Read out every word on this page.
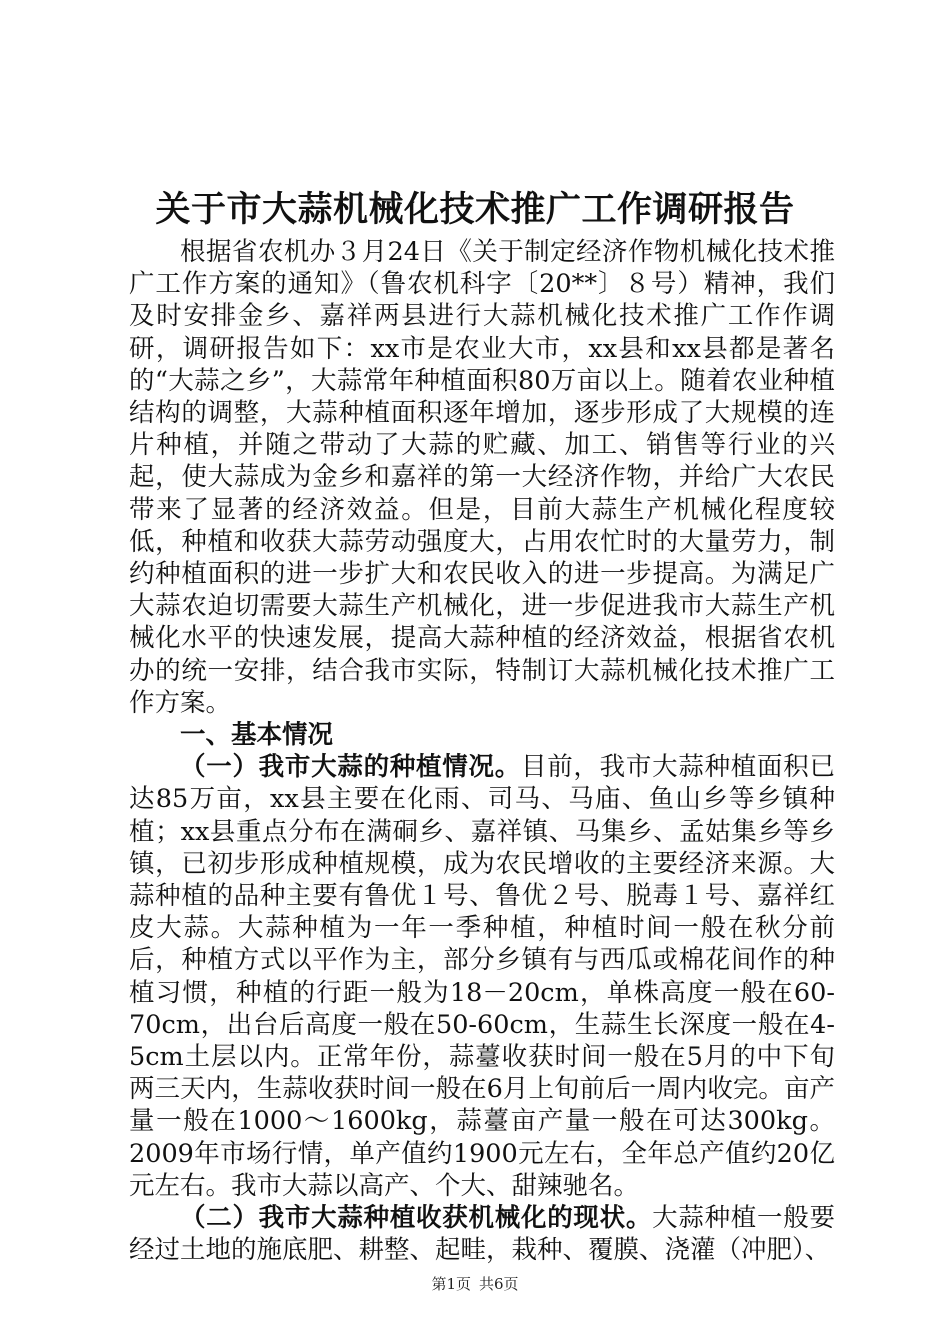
关于市大蒜机械化技术推广工作调研报告

根据省农机办３月24日《关于制定经济作物机械化技术推广工作方案的通知》（鲁农机科字〔20**〕８号）精神，我们及时安排金乡、嘉祥两县进行大蒜机械化技术推广工作作调研，调研报告如下：xx市是农业大市，xx县和xx县都是著名的“大蒜之乡”，大蒜常年种植面积80万亩以上。随着农业种植结构的调整，大蒜种植面积逐年增加，逐步形成了大规模的连片种植，并随之带动了大蒜的贮藏、加工、销售等行业的兴起，使大蒜成为金乡和嘉祥的第一大经济作物，并给广大农民带来了显著的经济效益。但是，目前大蒜生产机械化程度较低，种植和收获大蒜劳动强度大，占用农忙时的大量劳力，制约种植面积的进一步扩大和农民收入的进一步提高。为满足广大蒜农迫切需要大蒜生产机械化，进一步促进我市大蒜生产机械化水平的快速发展，提高大蒜种植的经济效益，根据省农机办的统一安排，结合我市实际，特制订大蒜机械化技术推广工作方案。

一、基本情况

（一）我市大蒜的种植情况。目前，我市大蒜种植面积已达85万亩，xx县主要在化雨、司马、马庙、鱼山乡等乡镇种植；xx县重点分布在满硐乡、嘉祥镇、马集乡、孟姑集乡等乡镇，已初步形成种植规模，成为农民增收的主要经济来源。大蒜种植的品种主要有鲁优１号、鲁优２号、脱毒１号、嘉祥红皮大蒜。大蒜种植为一年一季种植，种植时间一般在秋分前后，种植方式以平作为主，部分乡镇有与西瓜或棉花间作的种植习惯，种植的行距一般为18－20cm，单株高度一般在60-70cm，出台后高度一般在50-60cm，生蒜生长深度一般在4-5cm土层以内。正常年份，蒜薹收获时间一般在5月的中下旬两三天内，生蒜收获时间一般在6月上旬前后一周内收完。亩产量一般在1000～1600kg，蒜薹亩产量一般在可达300kg。2009年市场行情，单产值约1900元左右，全年总产值约20亿元左右。我市大蒜以高产、个大、甜辣驰名。

（二）我市大蒜种植收获机械化的现状。大蒜种植一般要经过土地的施底肥、耕整、起畦，栽种、覆膜、浇灌（冲肥）、

第1页 共6页
